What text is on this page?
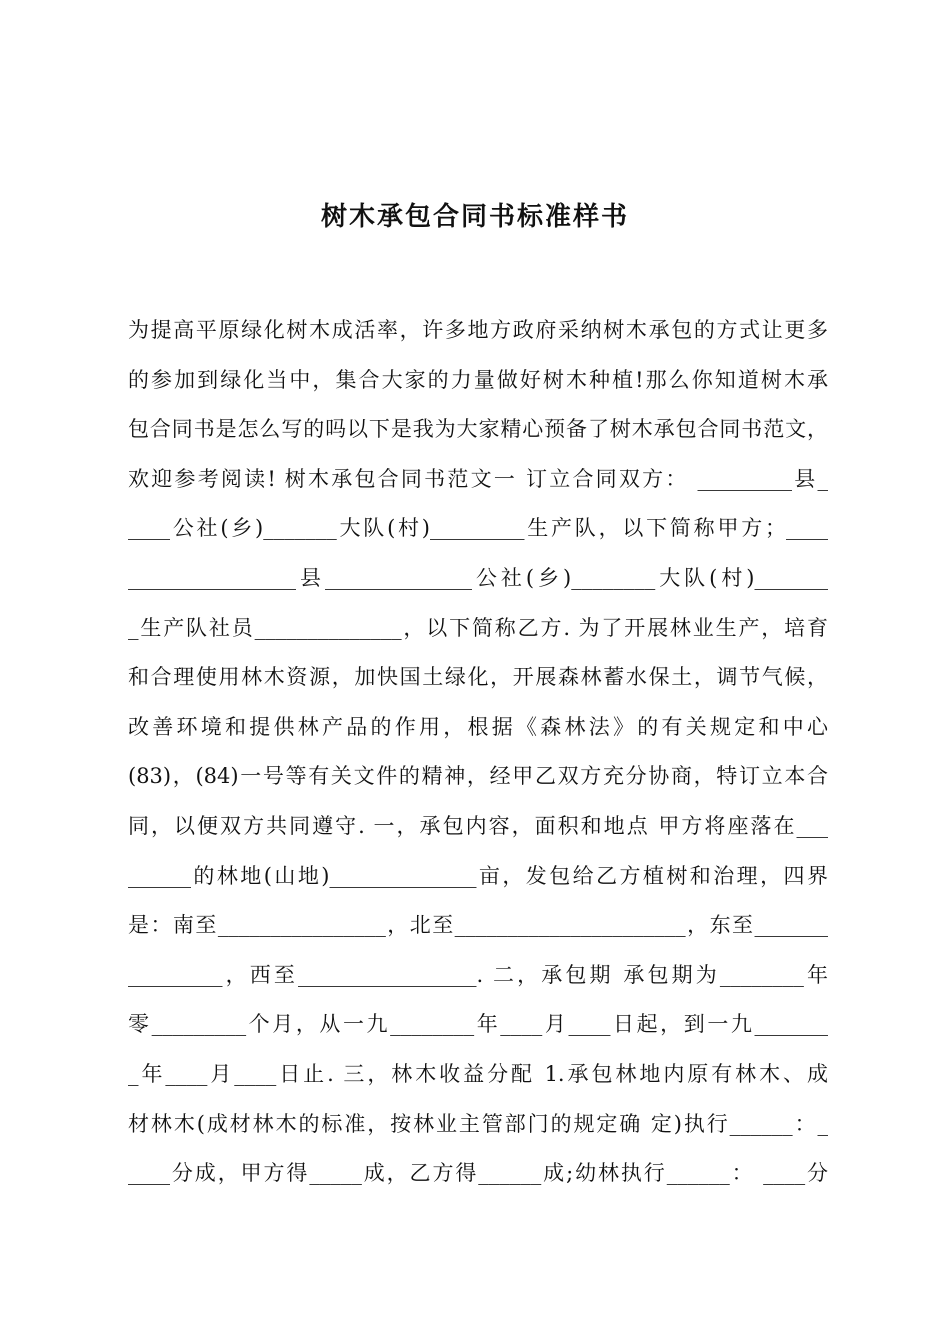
树木承包合同书标准样书
为提高平原绿化树木成活率，许多地方政府采纳树木承包的方式让更多
的参加到绿化当中，集合大家的力量做好树木种植!那么你知道树木承
包合同书是怎么写的吗以下是我为大家精心预备了树木承包合同书范文，
欢迎参考阅读! 树木承包合同书范文一 订立合同双方： _________县_
____公社(乡)_______大队(村)_________生产队，以下简称甲方；____
________________县______________公社(乡)________大队(村)_______
_生产队社员______________，以下简称乙方. 为了开展林业生产，培育
和合理使用林木资源，加快国土绿化，开展森林蓄水保土，调节气候，
改善环境和提供林产品的作用，根据《森林法》的有关规定和中心
(83)，(84)一号等有关文件的精神，经甲乙双方充分协商，特订立本合
同，以便双方共同遵守. 一，承包内容，面积和地点 甲方将座落在___
______的林地(山地)______________亩，发包给乙方植树和治理，四界
是：南至________________，北至______________________，东至_______
_________，西至_________________. 二，承包期 承包期为________年
零_________个月，从一九________年____月____日起，到一九_______
_年____月____日止. 三，林木收益分配 1.承包林地内原有林木、成
材林木(成材林木的标准，按林业主管部门的规定确 定)执行______：_
____分成，甲方得_____成，乙方得______成;幼林执行______： ____分
